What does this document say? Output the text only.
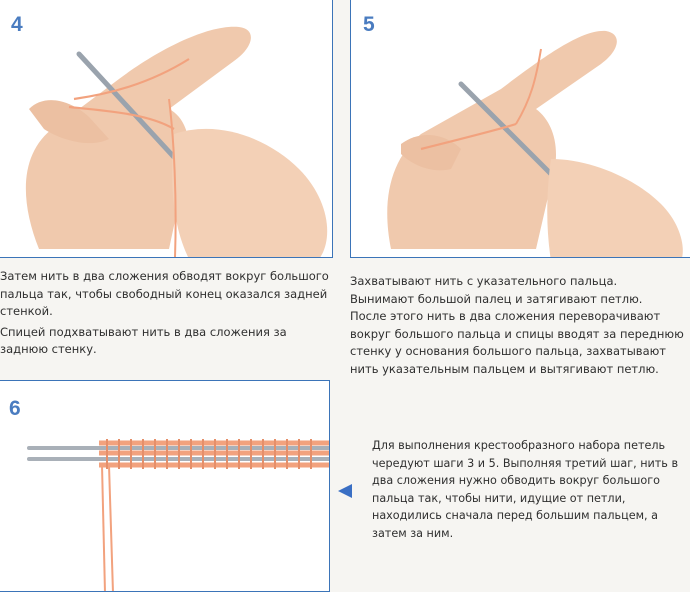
4	5
6

Затем нить в два сложения обводят вокруг большого пальца так, чтобы свободный конец оказался задней стенкой.

Спицей подхватывают нить в два сложения за заднюю стенку.

Захватывают нить с указательного пальца.

Вынимают большой палец и затягивают петлю.

После этого нить в два сложения переворачивают вокруг большого пальца и спицы вводят за переднюю стенку у основания большого пальца, захватывают нить указательным пальцем и вытягивают петлю.

Для выполнения крестообразного набора петель чередуют шаги 3 и 5. Выполняя третий шаг, нить в два сложения нужно обводить вокруг большого пальца так, чтобы нити, идущие от петли, находились сначала перед большим пальцем, а затем за ним.
